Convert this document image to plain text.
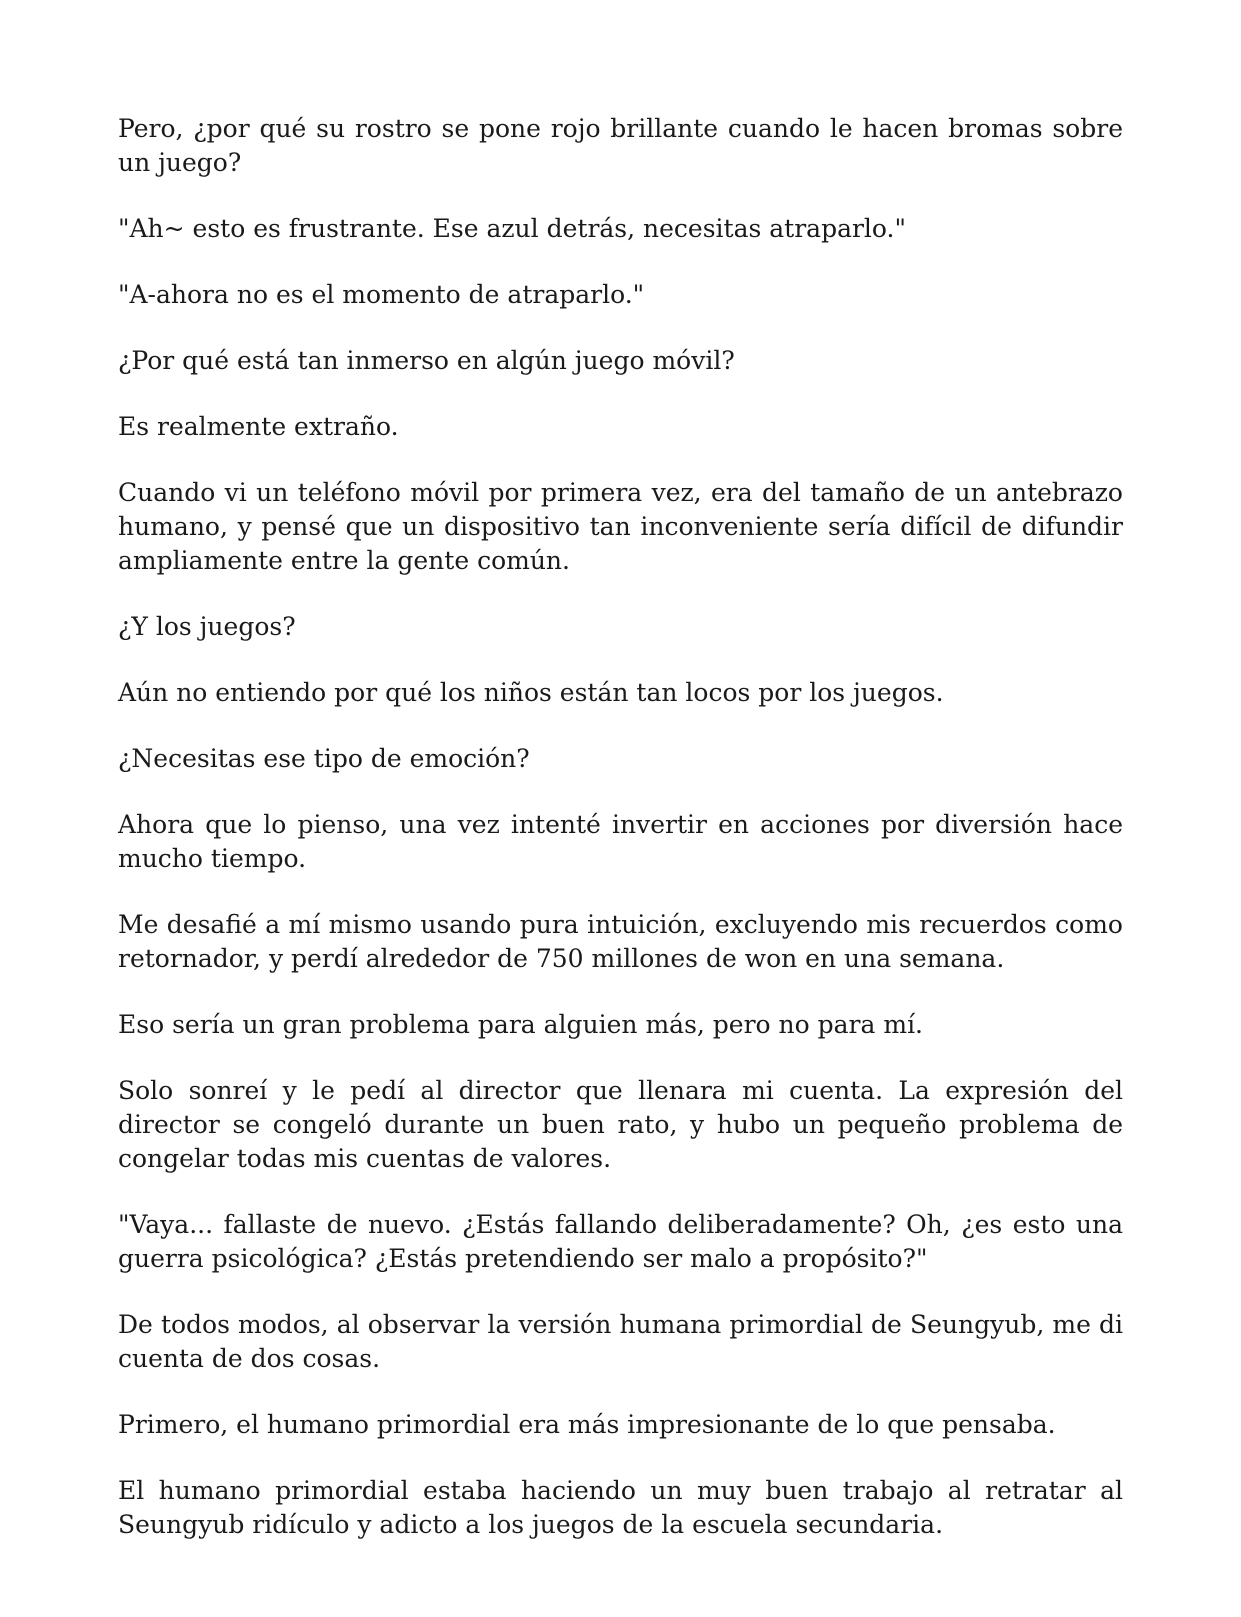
Pero, ¿por qué su rostro se pone rojo brillante cuando le hacen bromas sobre un juego?

"Ah~ esto es frustrante. Ese azul detrás, necesitas atraparlo."

"A-ahora no es el momento de atraparlo."

¿Por qué está tan inmerso en algún juego móvil?

Es realmente extraño.

Cuando vi un teléfono móvil por primera vez, era del tamaño de un antebrazo humano, y pensé que un dispositivo tan inconveniente sería difícil de difundir ampliamente entre la gente común.

¿Y los juegos?

Aún no entiendo por qué los niños están tan locos por los juegos.

¿Necesitas ese tipo de emoción?

Ahora que lo pienso, una vez intenté invertir en acciones por diversión hace mucho tiempo.

Me desafié a mí mismo usando pura intuición, excluyendo mis recuerdos como retornador, y perdí alrededor de 750 millones de won en una semana.

Eso sería un gran problema para alguien más, pero no para mí.

Solo sonreí y le pedí al director que llenara mi cuenta. La expresión del director se congeló durante un buen rato, y hubo un pequeño problema de congelar todas mis cuentas de valores.

"Vaya... fallaste de nuevo. ¿Estás fallando deliberadamente? Oh, ¿es esto una guerra psicológica? ¿Estás pretendiendo ser malo a propósito?"

De todos modos, al observar la versión humana primordial de Seungyub, me di cuenta de dos cosas.

Primero, el humano primordial era más impresionante de lo que pensaba.

El humano primordial estaba haciendo un muy buen trabajo al retratar al Seungyub ridículo y adicto a los juegos de la escuela secundaria.
